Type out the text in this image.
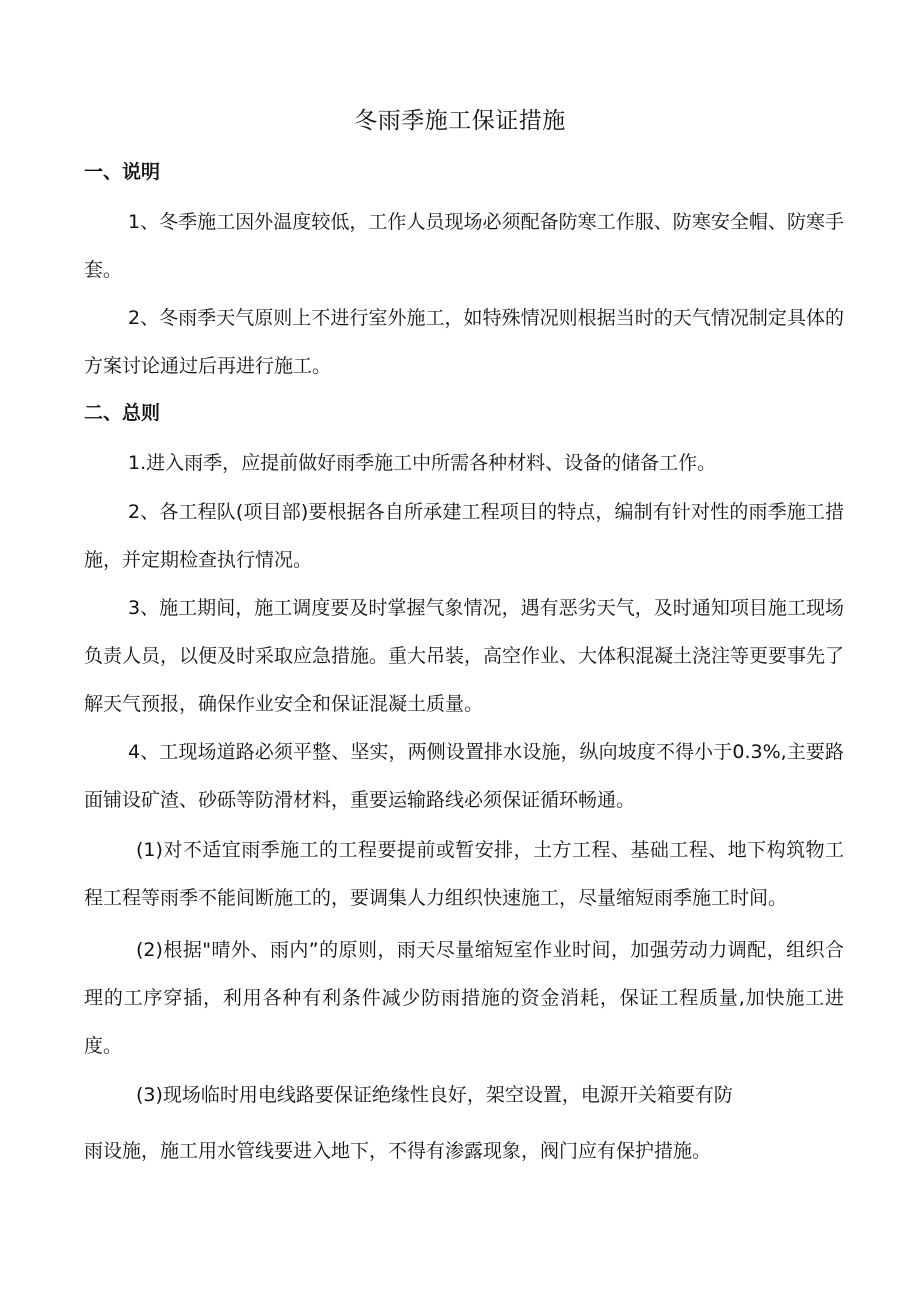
冬雨季施工保证措施
一、说明

1、冬季施工因外温度较低，工作人员现场必须配备防寒工作服、防寒安全帽、防寒手套。

2、冬雨季天气原则上不进行室外施工，如特殊情况则根据当时的天气情况制定具体的方案讨论通过后再进行施工。

二、总则

1.进入雨季，应提前做好雨季施工中所需各种材料、设备的储备工作。

2、各工程队(项目部)要根据各自所承建工程项目的特点，编制有针对性的雨季施工措施，并定期检查执行情况。

3、施工期间，施工调度要及时掌握气象情况，遇有恶劣天气，及时通知项目施工现场负责人员，以便及时采取应急措施。重大吊装，高空作业、大体积混凝土浇注等更要事先了解天气预报，确保作业安全和保证混凝土质量。

4、工现场道路必须平整、坚实，两侧设置排水设施，纵向坡度不得小于0.3%,主要路面铺设矿渣、砂砾等防滑材料，重要运输路线必须保证循环畅通。

(1)对不适宜雨季施工的工程要提前或暂安排，土方工程、基础工程、地下构筑物工程工程等雨季不能间断施工的，要调集人力组织快速施工，尽量缩短雨季施工时间。

(2)根据"晴外、雨内”的原则，雨天尽量缩短室作业时间，加强劳动力调配，组织合理的工序穿插，利用各种有利条件减少防雨措施的资金消耗，保证工程质量,加快施工进度。

(3)现场临时用电线路要保证绝缘性良好，架空设置，电源开关箱要有防

雨设施，施工用水管线要进入地下，不得有渗露现象，阀门应有保护措施。
